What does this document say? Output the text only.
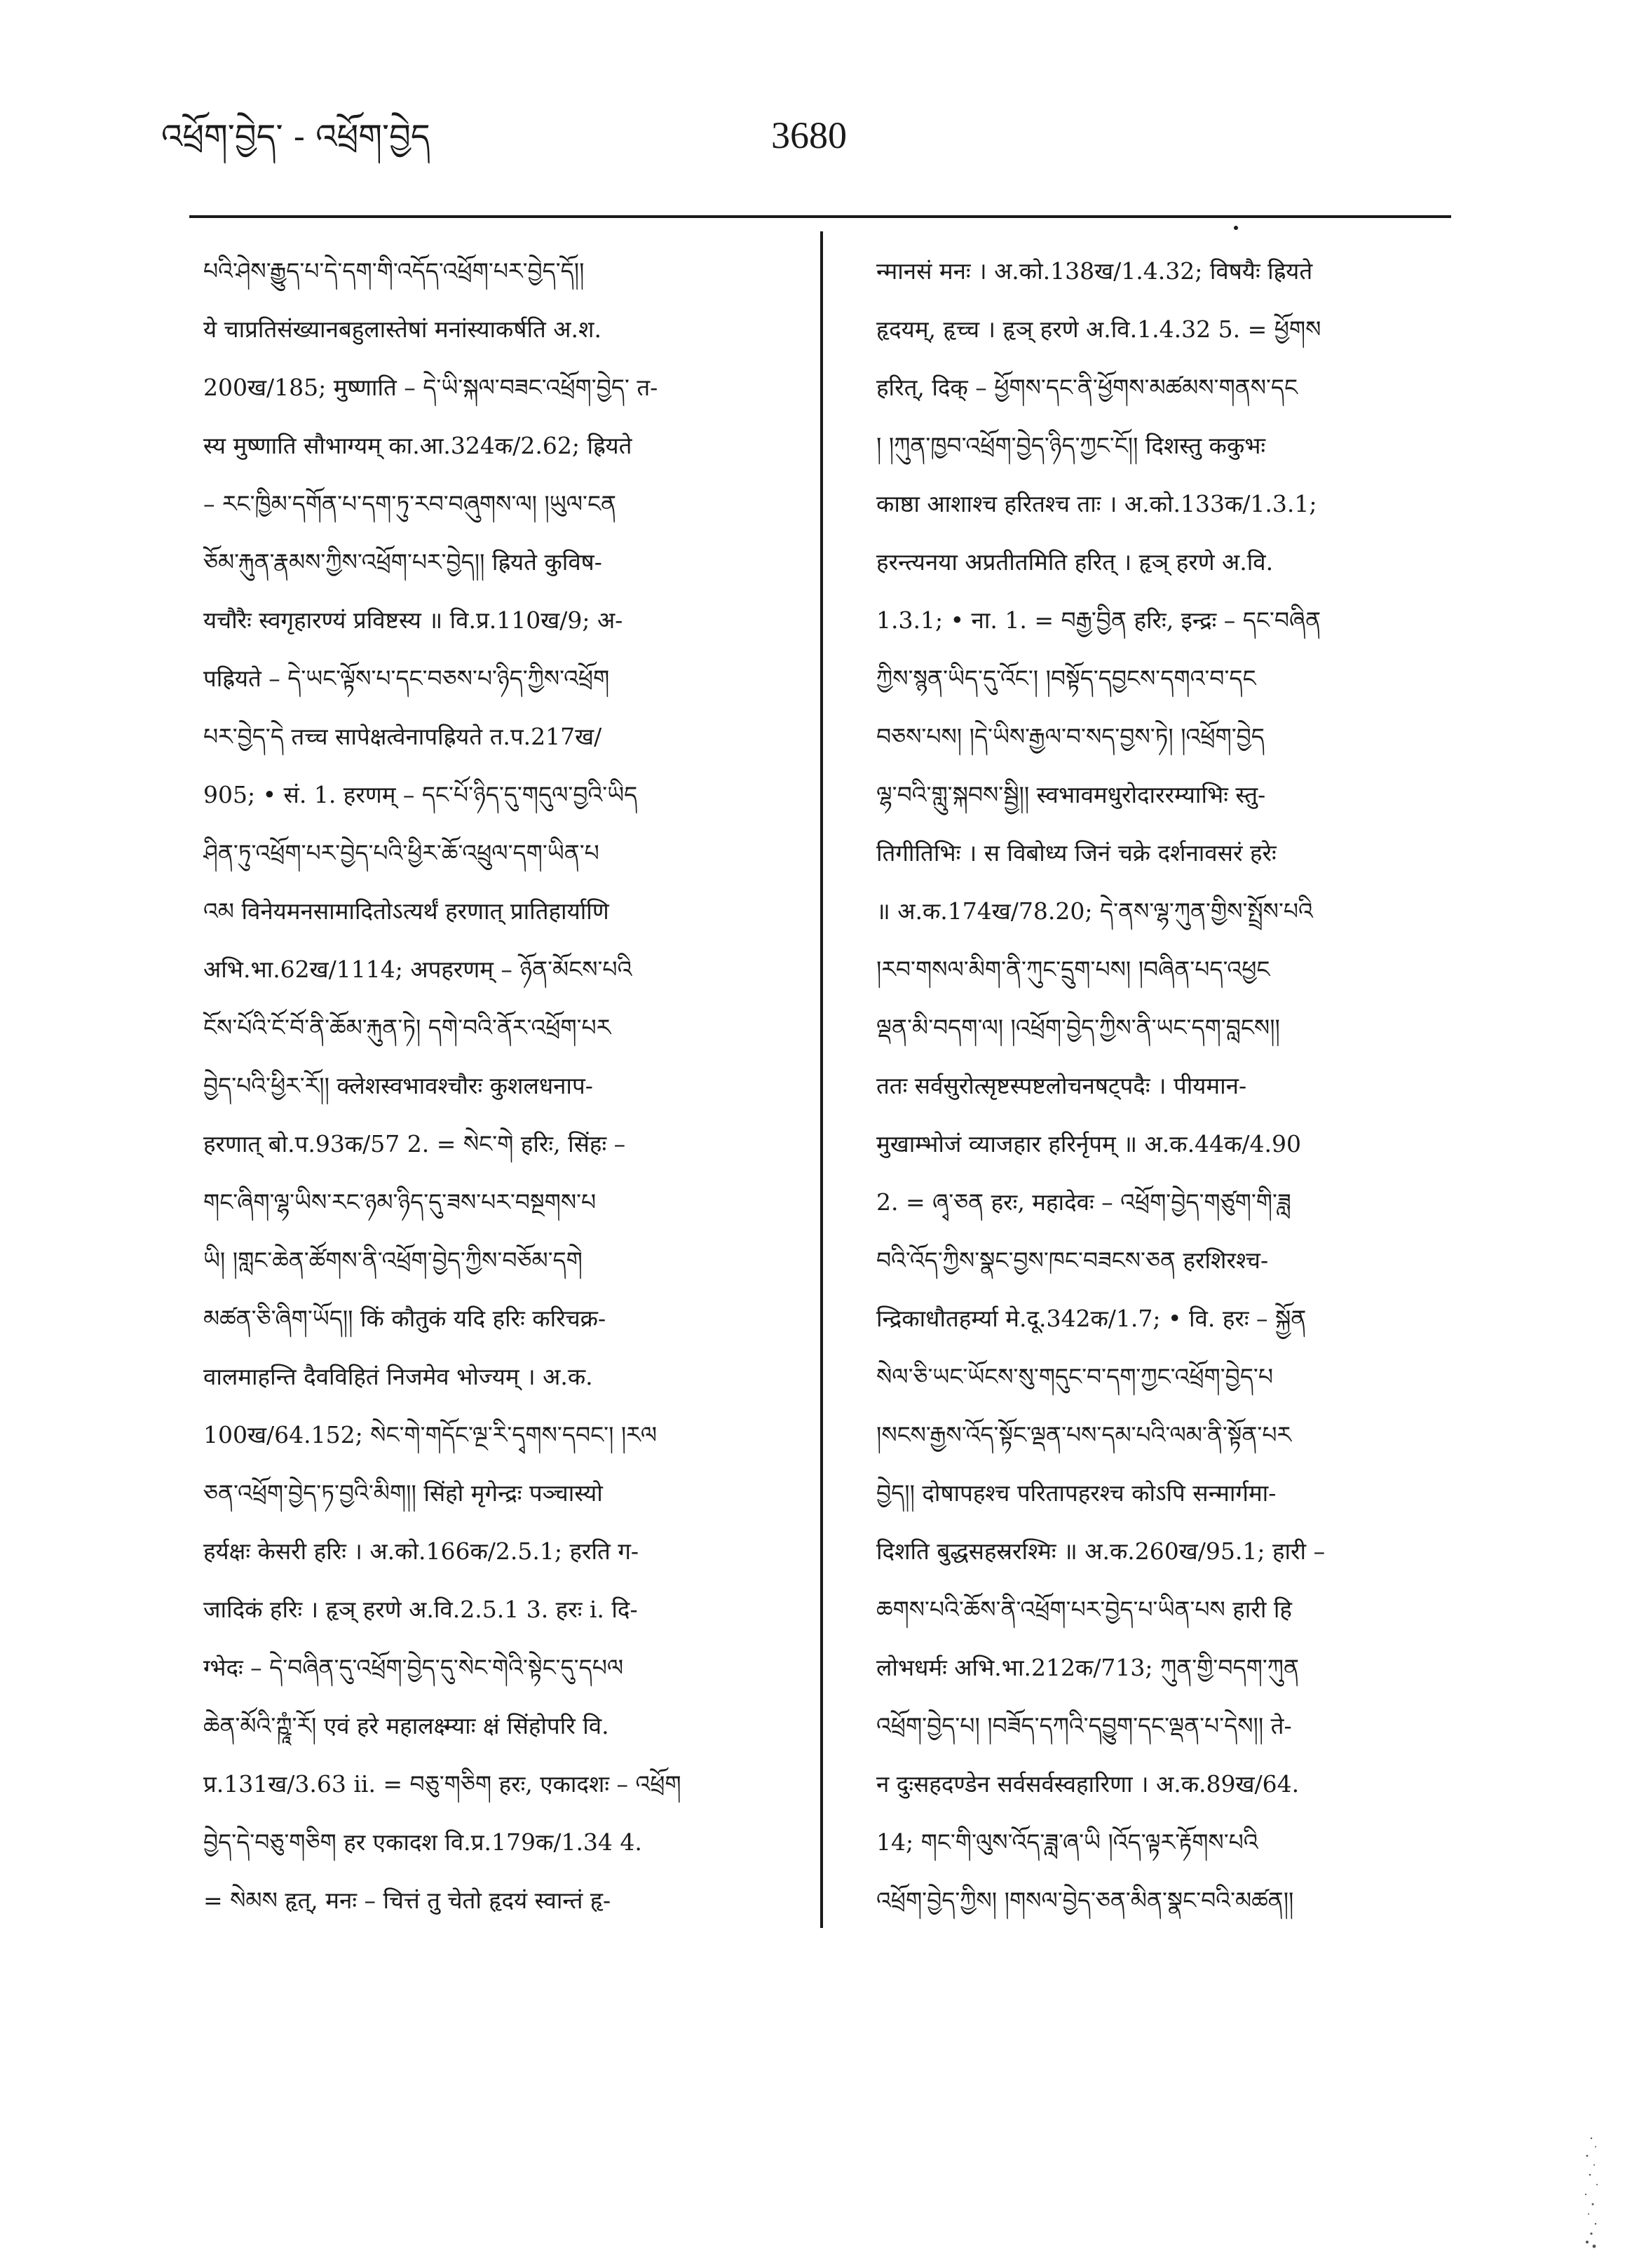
འཕྲོག་བྱེད་ - འཕྲོག་བྱེད	3680
པའི་ཤེས་རྒྱུད་པ་དེ་དག་གི་འདོད་འཕྲོག་པར་བྱེད་དོ།།
ये चाप्रतिसंख्यानबहुलास्तेषां मनांस्याकर्षति अ.श.
200ख/185; मुष्णाति – དེ་ཡི་སྐལ་བཟང་འཕྲོག་བྱེད་ त-
स्य मुष्णाति सौभाग्यम् का.आ.324क/2.62; ह्रियते
– རང་ཁྱིམ་དགོན་པ་དག་ཏུ་རབ་བཞུགས་ལ། །ཡུལ་ངན
ཅོམ་རྐུན་རྣམས་ཀྱིས་འཕྲོག་པར་བྱེད།། ह्रियते कुविष-
यचौरैः स्वगृहारण्यं प्रविष्टस्य ॥ वि.प्र.110ख/9; अ-
पह्रियते – དེ་ཡང་ལྟོས་པ་དང་བཅས་པ་ཉིད་ཀྱིས་འཕྲོག
པར་བྱེད་དེ तच्च सापेक्षत्वेनापह्रियते त.प.217ख/
905; • सं. 1. हरणम् – དང་པོ་ཉིད་དུ་གདུལ་བྱའི་ཡིད
ཤིན་ཏུ་འཕྲོག་པར་བྱེད་པའི་ཕྱིར་ཆོ་འཕྲུལ་དག་ཡིན་པ
འམ विनेयमनसामादितोऽत्यर्थं हरणात् प्रातिहार्याणि
अभि.भा.62ख/1114; अपहरणम् – ཉོན་མོངས་པའི
ངོས་པོའི་ངོ་བོ་ནི་ཆོམ་རྐུན་ཏེ། དགེ་བའི་ནོར་འཕྲོག་པར
བྱེད་པའི་ཕྱིར་རོ།། क्लेशस्वभावश्चौरः कुशलधनाप-
हरणात् बो.प.93क/57 2. = སེང་གེ हरिः, सिंहः –
གང་ཞིག་ལྷ་ཡིས་རང་ཉམ་ཉིད་དུ་ཟས་པར་བསྔགས་པ
ཡི། །གླང་ཆེན་ཚོགས་ནི་འཕྲོག་བྱེད་ཀྱིས་བཅོམ་དགེ
མཚན་ཅི་ཞིག་ཡོད།། किं कौतुकं यदि हरिः करिचक्र-
वालमाहन्ति दैवविहितं निजमेव भोज्यम् । अ.क.
100ख/64.152; སེང་གེ་གདོང་ལྔ་རི་དྭགས་དབང་། །རལ
ཅན་འཕྲོག་བྱེད་ཏ་བྱའི་མིག།། सिंहो मृगेन्द्रः पञ्चास्यो
हर्यक्षः केसरी हरिः । अ.को.166क/2.5.1; हरति ग-
जादिकं हरिः । हृञ् हरणे अ.वि.2.5.1 3. हरः i. दि-
ग्भेदः – དེ་བཞིན་དུ་འཕྲོག་བྱེད་དུ་སེང་གེའི་སྟེང་དུ་དཔལ
ཆེན་མོའི་ཀྵཱཾ་རོ། एवं हरे महालक्ष्म्याः क्षं सिंहोपरि वि.
प्र.131ख/3.63 ii. = བཅུ་གཅིག हरः, एकादशः – འཕྲོག
བྱེད་དེ་བཅུ་གཅིག हर एकादश वि.प्र.179क/1.34 4.
= སེམས हृत्, मनः – चित्तं तु चेतो हृदयं स्वान्तं हृ-
न्मानसं मनः । अ.को.138ख/1.4.32; विषयैः ह्रियते
हृदयम्, हृच्च । हृञ् हरणे अ.वि.1.4.32 5. = ཕྱོགས
हरित्, दिक् – ཕྱོགས་དང་ནི་ཕྱོགས་མཚམས་གནས་དང
། །ཀུན་ཁྱབ་འཕྲོག་བྱེད་ཉིད་ཀྱང་ངོ།། दिशस्तु ककुभः
काष्ठा आशाश्च हरितश्च ताः । अ.को.133क/1.3.1;
हरन्त्यनया अप्रतीतमिति हरित् । हृञ् हरणे अ.वि.
1.3.1; • ना. 1. = བརྒྱ་བྱིན हरिः, इन्द्रः – དང་བཞིན
ཀྱིས་སྙན་ཡིད་དུ་འོང་། །བསྟོད་དབྱངས་དགའ་བ་དང
བཅས་པས། །དེ་ཡིས་རྒྱལ་བ་སད་བྱས་ཏེ། །འཕྲོག་བྱེད
ལྷ་བའི་གླུ་སྐབས་སྦྱི།། स्वभावमधुरोदाररम्याभिः स्तु-
तिगीतिभिः । स विबोध्य जिनं चक्रे दर्शनावसरं हरेः
॥ अ.क.174ख/78.20; དེ་ནས་ལྷ་ཀུན་གྱིས་སྤྲོས་པའི
།རབ་གསལ་མིག་ནི་ཀུང་དྲུག་པས། །བཞིན་པད་འཕྱང
ལྡན་མི་བདག་ལ། །འཕྲོག་བྱེད་ཀྱིས་ནི་ཡང་དག་བླངས།།
ततः सर्वसुरोत्सृष्टस्पष्टलोचनषट्पदैः । पीयमान-
मुखाम्भोजं व्याजहार हरिर्नृपम् ॥ अ.क.44क/4.90
2. = ཞྭ་ཅན हरः, महादेवः – འཕྲོག་བྱེད་གཙུག་གི་ཟླ
བའི་འོད་ཀྱིས་སྣང་བྱས་ཁང་བཟངས་ཅན हरशिरश्च-
न्द्रिकाधौतहर्म्या मे.दू.342क/1.7; • वि. हरः – སྐྱོན
སེལ་ཅི་ཡང་ཡོངས་སུ་གདུང་བ་དག་ཀྱང་འཕྲོག་བྱེད་པ
།སངས་རྒྱས་འོད་སྟོང་ལྡན་པས་དམ་པའི་ལམ་ནི་སྟོན་པར
བྱེད།། दोषापहश्च परितापहरश्च कोऽपि सन्मार्गमा-
दिशति बुद्धसहस्ररश्मिः ॥ अ.क.260ख/95.1; हारी –
ཆགས་པའི་ཆོས་ནི་འཕྲོག་པར་བྱེད་པ་ཡིན་པས हारी हि
लोभधर्मः अभि.भा.212क/713; ཀུན་གྱི་བདག་ཀུན
འཕྲོག་བྱེད་པ། །བཟོད་དཀའི་དབྱུག་དང་ལྡན་པ་དེས།། ते-
न दुःसहदण्डेन सर्वसर्वस्वहारिणा । अ.क.89ख/64.
14; གང་གི་ལུས་འོད་ཟླ་ཞ་ཡི །འོད་ལྟར་རྟོགས་པའི
འཕྲོག་བྱེད་ཀྱིས། །གསལ་བྱེད་ཅན་མིན་སྣང་བའི་མཚན།།
